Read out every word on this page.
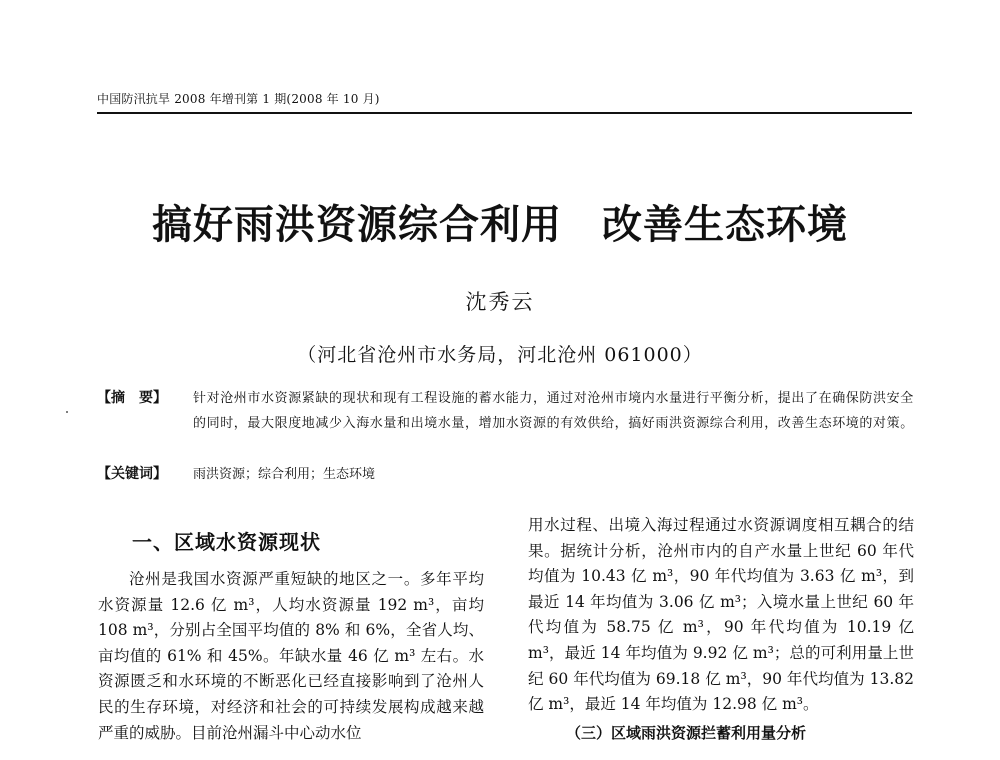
中国防汛抗旱 2008 年增刊第 1 期(2008 年 10 月)
搞好雨洪资源综合利用 改善生态环境
沈秀云
（河北省沧州市水务局，河北沧州 061000）
【摘　要】 针对沧州市水资源紧缺的现状和现有工程设施的蓄水能力，通过对沧州市境内水量进行平衡分析，提出了在确保防洪安全的同时，最大限度地减少入海水量和出境水量，增加水资源的有效供给，搞好雨洪资源综合利用，改善生态环境的对策。
【关键词】 雨洪资源；综合利用；生态环境
一、区域水资源现状

沧州是我国水资源严重短缺的地区之一。多年平均水资源量 12.6 亿 m³，人均水资源量 192 m³，亩均 108 m³，分别占全国平均值的 8% 和 6%，全省人均、亩均值的 61% 和 45%。年缺水量 46 亿 m³ 左右。水资源匮乏和水环境的不断恶化已经直接影响到了沧州人民的生存环境，对经济和社会的可持续发展构成越来越严重的威胁。目前沧州漏斗中心动水位

用水过程、出境入海过程通过水资源调度相互耦合的结果。据统计分析，沧州市内的自产水量上世纪 60 年代均值为 10.43 亿 m³，90 年代均值为 3.63 亿 m³，到最近 14 年均值为 3.06 亿 m³；入境水量上世纪 60 年代均值为 58.75 亿 m³，90 年代均值为 10.19 亿 m³，最近 14 年均值为 9.92 亿 m³；总的可利用量上世纪 60 年代均值为 69.18 亿 m³，90 年代均值为 13.82 亿 m³，最近 14 年均值为 12.98 亿 m³。

（三）区域雨洪资源拦蓄利用量分析
